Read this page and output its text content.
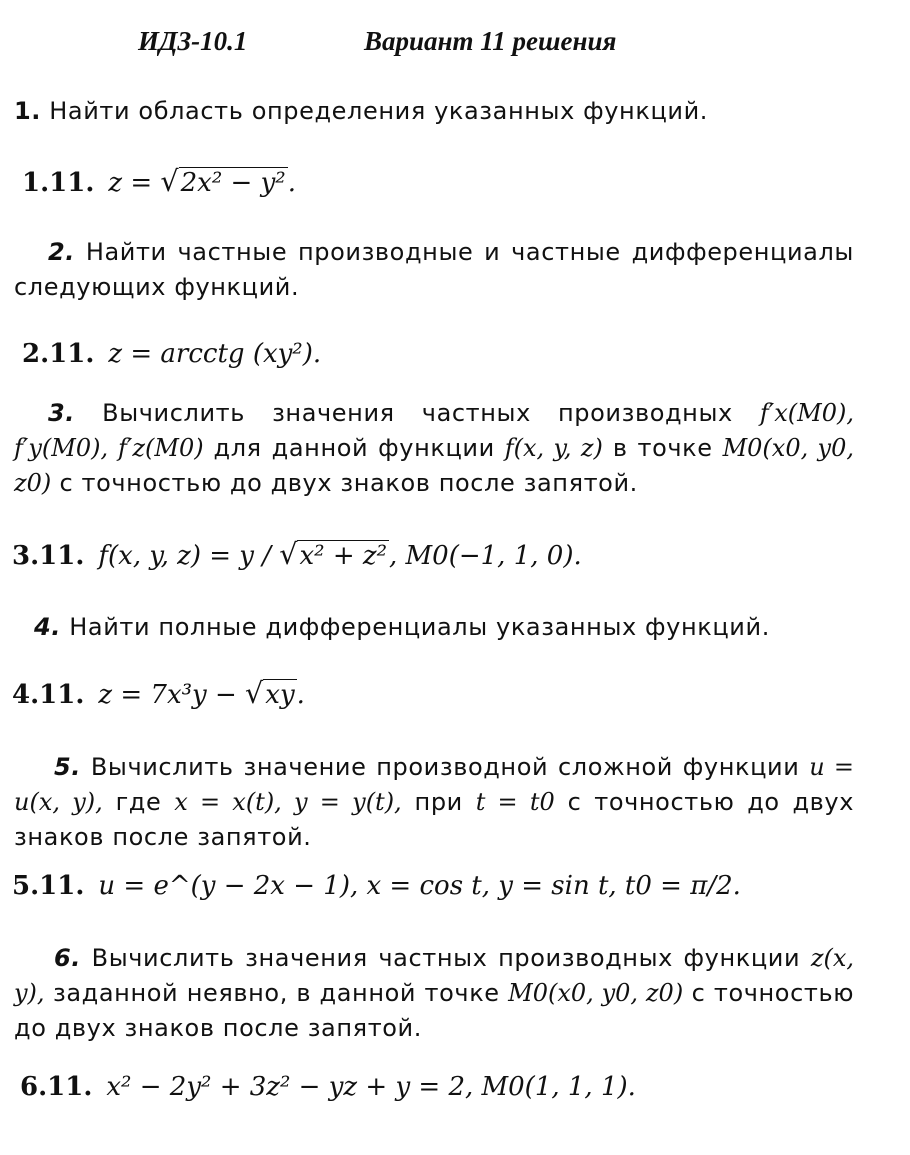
ИДЗ-10.1	Вариант 11 решения

1. Найти область определения указанных функций.

1.11. z = √2x² − y².

2. Найти частные производные и частные дифференциалы следующих функций.

2.11. z = arcctg (xy²).

3. Вычислить значения частных производных f′x(M0), f′y(M0), f′z(M0) для данной функции f(x, y, z) в точке M0(x0, y0, z0) с точностью до двух знаков после запятой.

3.11. f(x, y, z) = y / √x² + z², M0(−1, 1, 0).

4. Найти полные дифференциалы указанных функций.

4.11. z = 7x³y − √xy.

5. Вычислить значение производной сложной функции u = u(x, y), где x = x(t), y = y(t), при t = t0 с точностью до двух знаков после запятой.

5.11. u = e^(y − 2x − 1), x = cos t, y = sin t, t0 = π/2.

6. Вычислить значения частных производных функции z(x, y), заданной неявно, в данной точке M0(x0, y0, z0) с точностью до двух знаков после запятой.

6.11. x² − 2y² + 3z² − yz + y = 2, M0(1, 1, 1).
